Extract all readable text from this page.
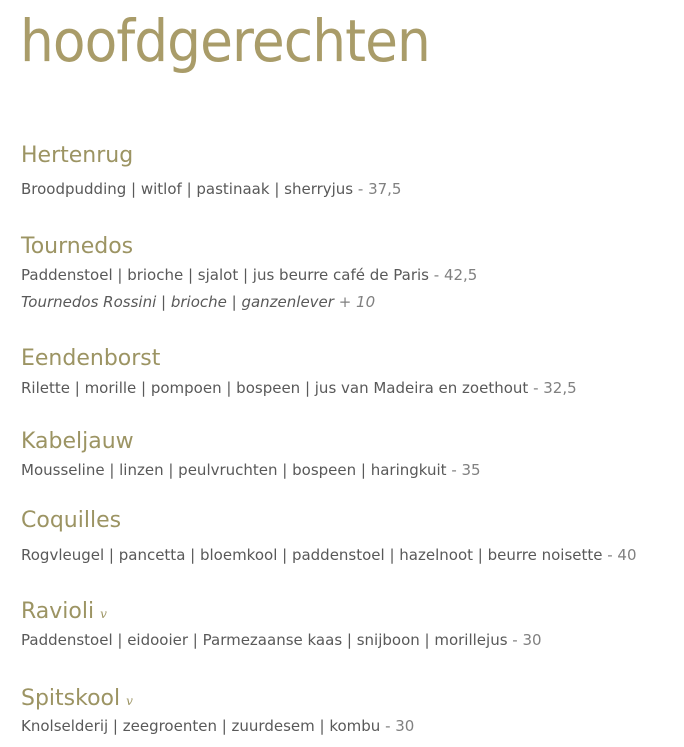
hoofdgerechten
Hertenrug
Broodpudding | witlof | pastinaak | sherryjus - 37,5
Tournedos
Paddenstoel | brioche | sjalot | jus beurre café de Paris - 42,5
Tournedos Rossini | brioche | ganzenlever + 10
Eendenborst
Rilette | morille | pompoen | bospeen | jus van Madeira en zoethout - 32,5
Kabeljauw
Mousseline | linzen | peulvruchten | bospeen | haringkuit - 35
Coquilles
Rogvleugel | pancetta | bloemkool | paddenstoel | hazelnoot | beurre noisette - 40
Ravioli v
Paddenstoel | eidooier | Parmezaanse kaas | snijboon | morillejus - 30
Spitskool v
Knolselderij | zeegroenten | zuurdesem | kombu - 30
